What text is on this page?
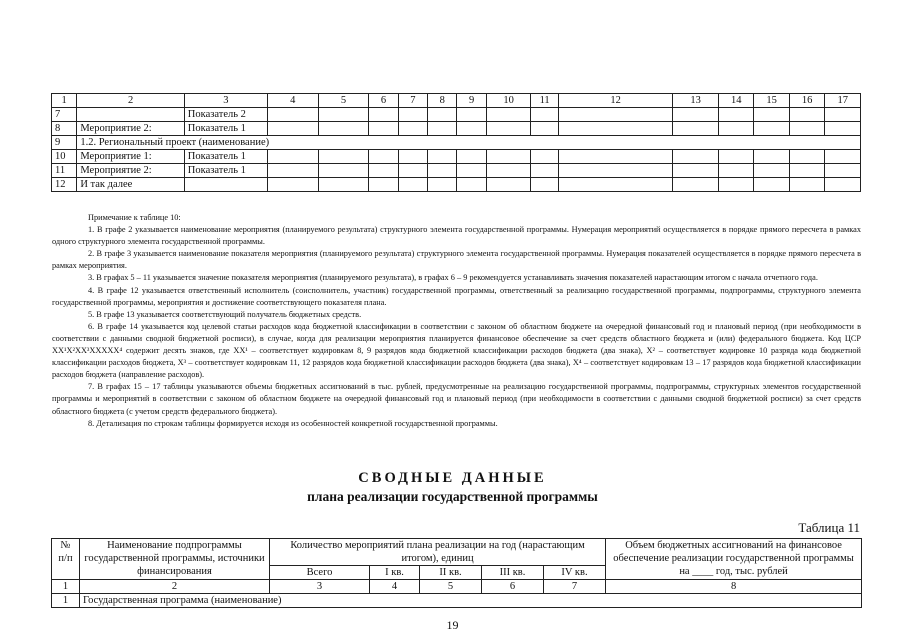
1	2	3	4	5	6	7	8	9	10	11	12	13	14	15	16	17
7		Показатель 2														
8	Мероприятие 2:	Показатель 1														
9	1.2. Региональный проект (наименование)															
10	Мероприятие 1:	Показатель 1														
11	Мероприятие 2:	Показатель 1														
12	И так далее															

Примечание к таблице 10:

1. В графе 2 указывается наименование мероприятия (планируемого результата) структурного элемента государственной программы. Нумерация мероприятий осуществляется в порядке прямого пересчета в рамках одного структурного элемента государственной программы.

2. В графе 3 указывается наименование показателя мероприятия (планируемого результата) структурного элемента государственной программы. Нумерация показателей осуществляется в порядке прямого пересчета в рамках мероприятия.

3. В графах 5 – 11 указывается значение показателя мероприятия (планируемого результата), в графах 6 – 9 рекомендуется устанавливать значения показателей нарастающим итогом с начала отчетного года.

4. В графе 12 указывается ответственный исполнитель (соисполнитель, участник) государственной программы, ответственный за реализацию государственной программы, подпрограммы, структурного элемента государственной программы, мероприятия и достижение соответствующего показателя плана.

5. В графе 13 указывается соответствующий получатель бюджетных средств.

6. В графе 14 указывается код целевой статьи расходов кода бюджетной классификации в соответствии с законом об областном бюджете на очередной финансовый год и плановый период (при необходимости в соответствии с данными сводной бюджетной росписи), в случае, когда для реализации мероприятия планируется финансовое обеспечение за счет средств областного бюджета и (или) федерального бюджета. Код ЦСР XX¹X²XX³XXXXX⁴ содержит десять знаков, где XX¹ – соответствует кодировкам 8, 9 разрядов кода бюджетной классификации расходов бюджета (два знака), X² – соответствует кодировке 10 разряда кода бюджетной классификации расходов бюджета, X³ – соответствует кодировкам 11, 12 разрядов кода бюджетной классификации расходов бюджета (два знака), X⁴ – соответствует кодировкам 13 – 17 разрядов кода бюджетной классификации расходов бюджета (направление расходов).

7. В графах 15 – 17 таблицы указываются объемы бюджетных ассигнований в тыс. рублей, предусмотренные на реализацию государственной программы, подпрограммы, структурных элементов государственной программы и мероприятий в соответствии с законом об областном бюджете на очередной финансовый год и плановый период (при необходимости в соответствии с данными сводной бюджетной росписи) за счет средств областного бюджета (с учетом средств федерального бюджета).

8. Детализация по строкам таблицы формируется исходя из особенностей конкретной государственной программы.

СВОДНЫЕ ДАННЫЕ
плана реализации государственной программы
Таблица 11
№ п/п	Наименование подпрограммы государственной программы, источники финансирования	Количество мероприятий плана реализации на год (нарастающим итогом), единиц					Объем бюджетных ассигнований на финансовое обеспечение реализации государственной программы на ____ год, тыс. рублей
		Всего	I кв.	II кв.	III кв.	IV кв.	
1	2	3	4	5	6	7	8
1	Государственная программа (наименование)						
19
